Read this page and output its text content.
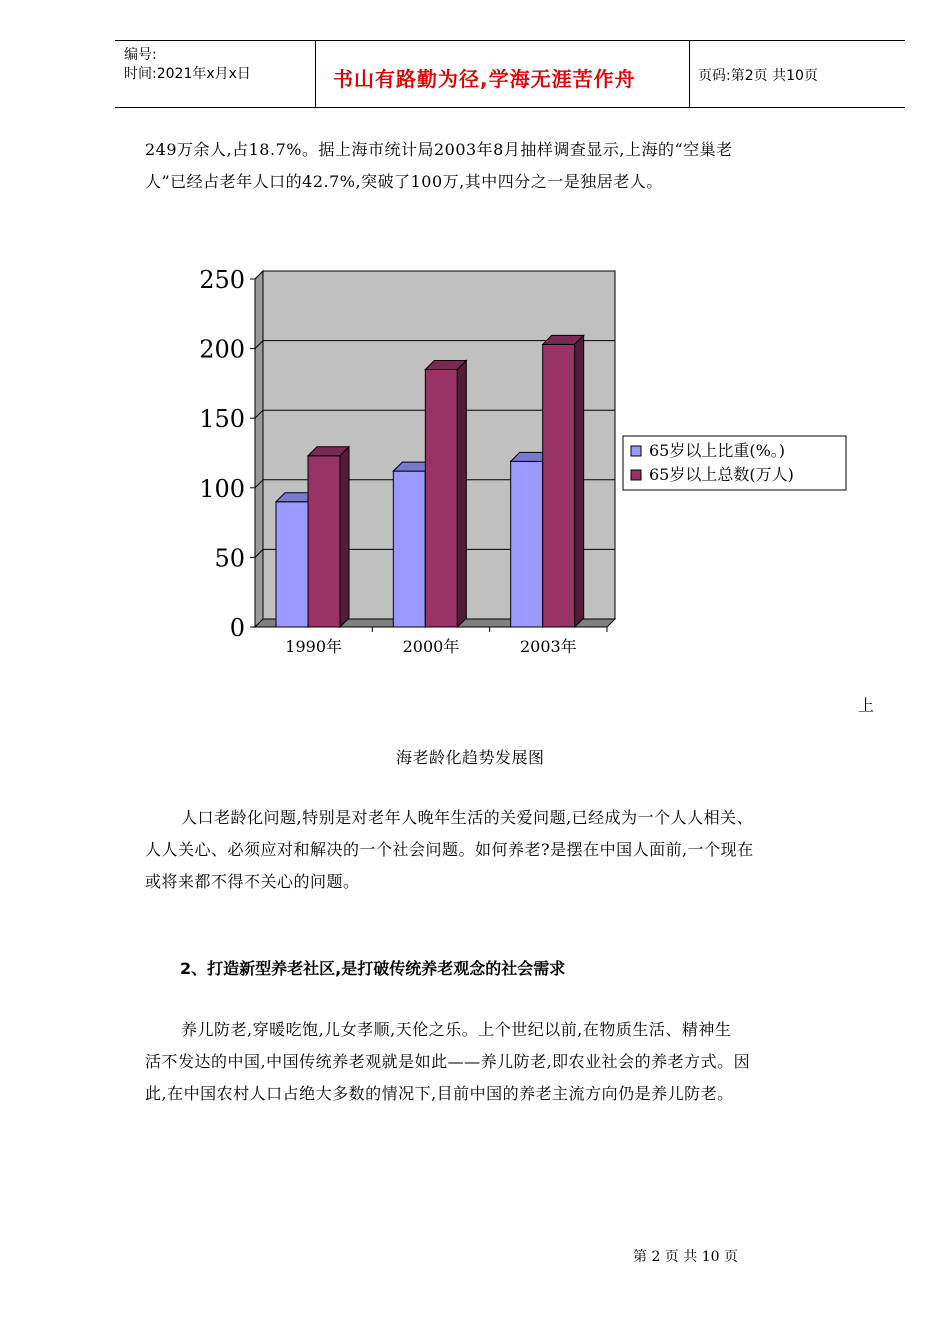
编号:
时间:2021年x月x日	书山有路勤为径,学海无涯苦作舟	页码:第2页 共10页
249万余人,占18.7%。据上海市统计局2003年8月抽样调查显示,上海的“空巢老
人”已经占老年人口的42.7%,突破了100万,其中四分之一是独居老人。
0
50
100
150
200
250
1990年	2000年	2003年
65岁以上比重(%。)
65岁以上总数(万人)
上
海老龄化趋势发展图
人口老龄化问题,特别是对老年人晚年生活的关爱问题,已经成为一个人人相关、
人人关心、必须应对和解决的一个社会问题。如何养老?是摆在中国人面前,一个现在
或将来都不得不关心的问题。
2、打造新型养老社区,是打破传统养老观念的社会需求
养儿防老,穿暖吃饱,儿女孝顺,天伦之乐。上个世纪以前,在物质生活、精神生
活不发达的中国,中国传统养老观就是如此——养儿防老,即农业社会的养老方式。因
此,在中国农村人口占绝大多数的情况下,目前中国的养老主流方向仍是养儿防老。
第 2 页 共 10 页
